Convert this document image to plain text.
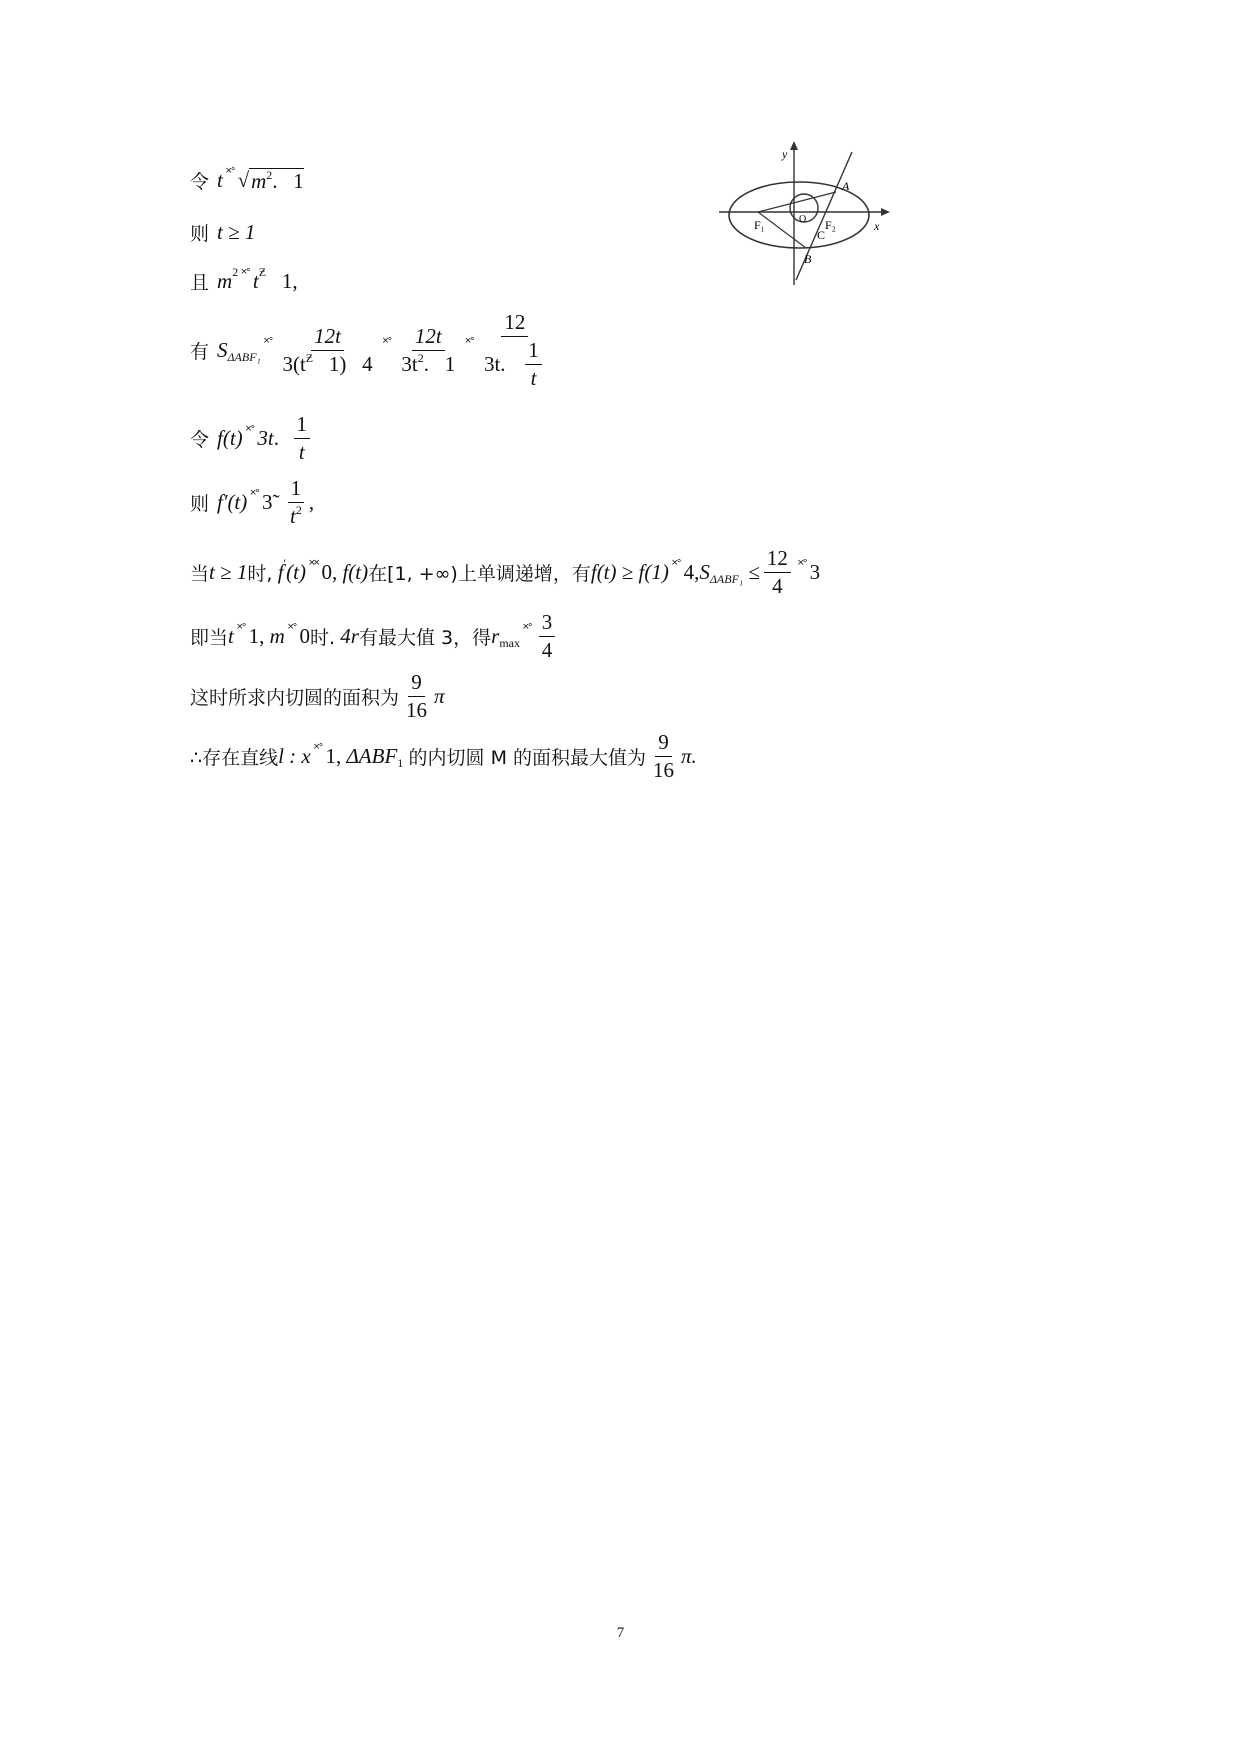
令 t ˟˚ √ $m^2$. 1
则 t ≥ 1
且 m 2 ˟˚ t Ƶ
1,
有 S ΔABF₁
˟˚ $\frac{12t}{3(t^Ƶ 1) 4}$ ˟˚ $\frac{12t}{3t^2. 1}$ ˟˚ 12
3t .
$\frac{1}{t}$
令 f(t) ˟˚ 3t .
$\frac{1}{t}$
则 f′(t) ˟˚ 3̃
$\frac{1}{t^2}$ ,
当 t ≥ 1 时,
f ′ (t) ˟˟ 0 ,
f(t) 在[1, +∞)上单调递增，有 f(t) ≥ f(1) ˟˚ 4, S ΔABF₁
≤ $\frac{12}{4}$ ˟˚ 3
即当 t ˟˚ 1,
m ˟˚ 0 时.
4r 有最大值 3，得 r max
˟˚ $\frac{3}{4}$
这时所求内切圆的面积为 $\frac{9}{16}$ π
∴存在直线 l : x ˟˚ 1,
ΔABF 1
的内切圆 M 的面积最大值为 $\frac{9}{16} \pi$.
y
x
A
B
O
C
F₁	F₂
7
